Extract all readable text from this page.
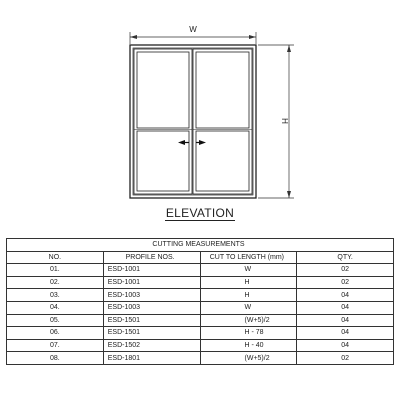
W
H
ELEVATION
CUTTING MEASUREMENTS			
NO.	PROFILE NOS.	CUT TO LENGTH (mm)	QTY.
01.	ESD-1001	W	02
02.	ESD-1001	H	02
03.	ESD-1003	H	04
04.	ESD-1003	W	04
05.	ESD-1501	(W+5)/2	04
06.	ESD-1501	H - 78	04
07.	ESD-1502	H - 40	04
08.	ESD-1801	(W+5)/2	02
